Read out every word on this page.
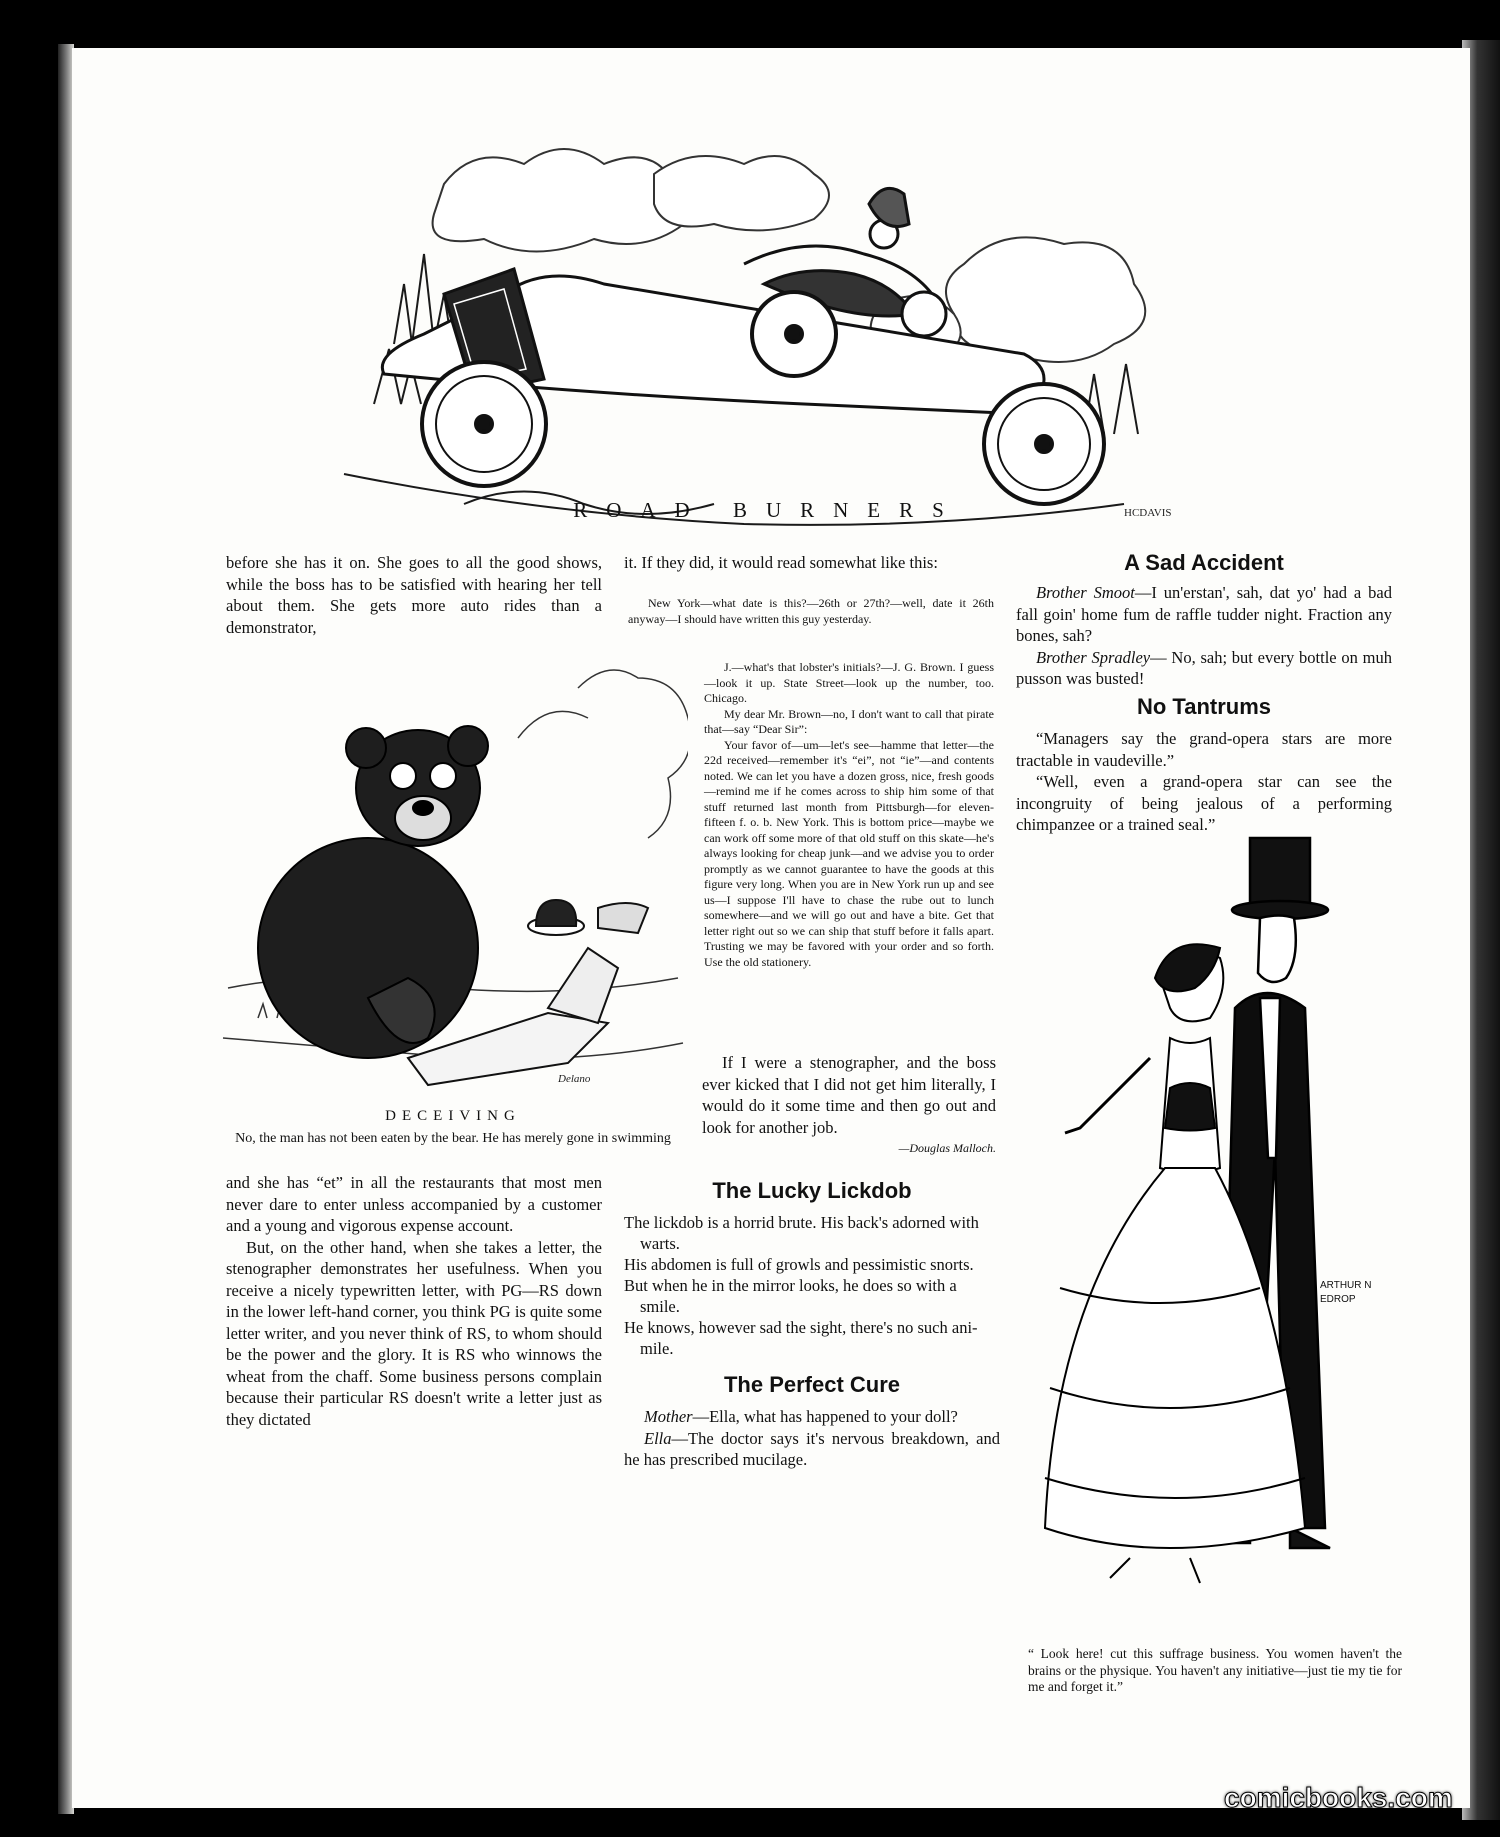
HCDAVIS
ROAD BURNERS

before she has it on. She goes to all the good shows, while the boss has to be satisfied with hearing her tell about them. She gets more auto rides than a demonstrator,

Delano
DECEIVING
No, the man has not been eaten by the bear. He has merely gone in swimming

and she has “et” in all the restaurants that most men never dare to enter unless accompanied by a customer and a young and vigorous expense account.

But, on the other hand, when she takes a letter, the stenographer demonstrates her usefulness. When you receive a nicely typewritten letter, with PG—RS down in the lower left-hand corner, you think PG is quite some letter writer, and you never think of RS, to whom should be the power and the glory. It is RS who winnows the wheat from the chaff. Some business persons complain because their particular RS doesn't write a letter just as they dictated

it. If they did, it would read somewhat like this:

New York—what date is this?—26th or 27th?—well, date it 26th anyway—I should have written this guy yesterday.

J.—what's that lobster's initials?—J. G. Brown. I guess—look it up. State Street—look up the number, too. Chicago.

My dear Mr. Brown—no, I don't want to call that pirate that—say “Dear Sir”:

Your favor of—um—let's see—hamme that letter—the 22d received—remember it's “ei”, not “ie”—and contents noted. We can let you have a dozen gross, nice, fresh goods—remind me if he comes across to ship him some of that stuff returned last month from Pittsburgh—for eleven-fifteen f. o. b. New York. This is bottom price—maybe we can work off some more of that old stuff on this skate—he's always looking for cheap junk—and we advise you to order promptly as we cannot guarantee to have the goods at this figure very long. When you are in New York run up and see us—I suppose I'll have to chase the rube out to lunch somewhere—and we will go out and have a bite. Get that letter right out so we can ship that stuff before it falls apart. Trusting we may be favored with your order and so forth. Use the old stationery.

If I were a stenographer, and the boss ever kicked that I did not get him literally, I would do it some time and then go out and look for another job.

—Douglas Malloch.

The Lucky Lickdob

The lickdob is a horrid brute. His back's adorned with warts.

His abdomen is full of growls and pessimistic snorts.

But when he in the mirror looks, he does so with a smile.

He knows, however sad the sight, there's no such ani-mile.

The Perfect Cure

Mother—Ella, what has happened to your doll?

Ella—The doctor says it's nervous breakdown, and he has prescribed mucilage.

A Sad Accident

Brother Smoot—I un'erstan', sah, dat yo' had a bad fall goin' home fum de raffle tudder night. Fraction any bones, sah?

Brother Spradley— No, sah; but every bottle on muh pusson was busted!

No Tantrums

“Managers say the grand-opera stars are more tractable in vaudeville.”

“Well, even a grand-opera star can see the incongruity of being jealous of a performing chimpanzee or a trained seal.”

ARTHUR N
EDROP
“ Look here! cut this suffrage business. You women haven't the brains or the physique. You haven't any initiative—just tie my tie for me and forget it.”
comicbooks.com
